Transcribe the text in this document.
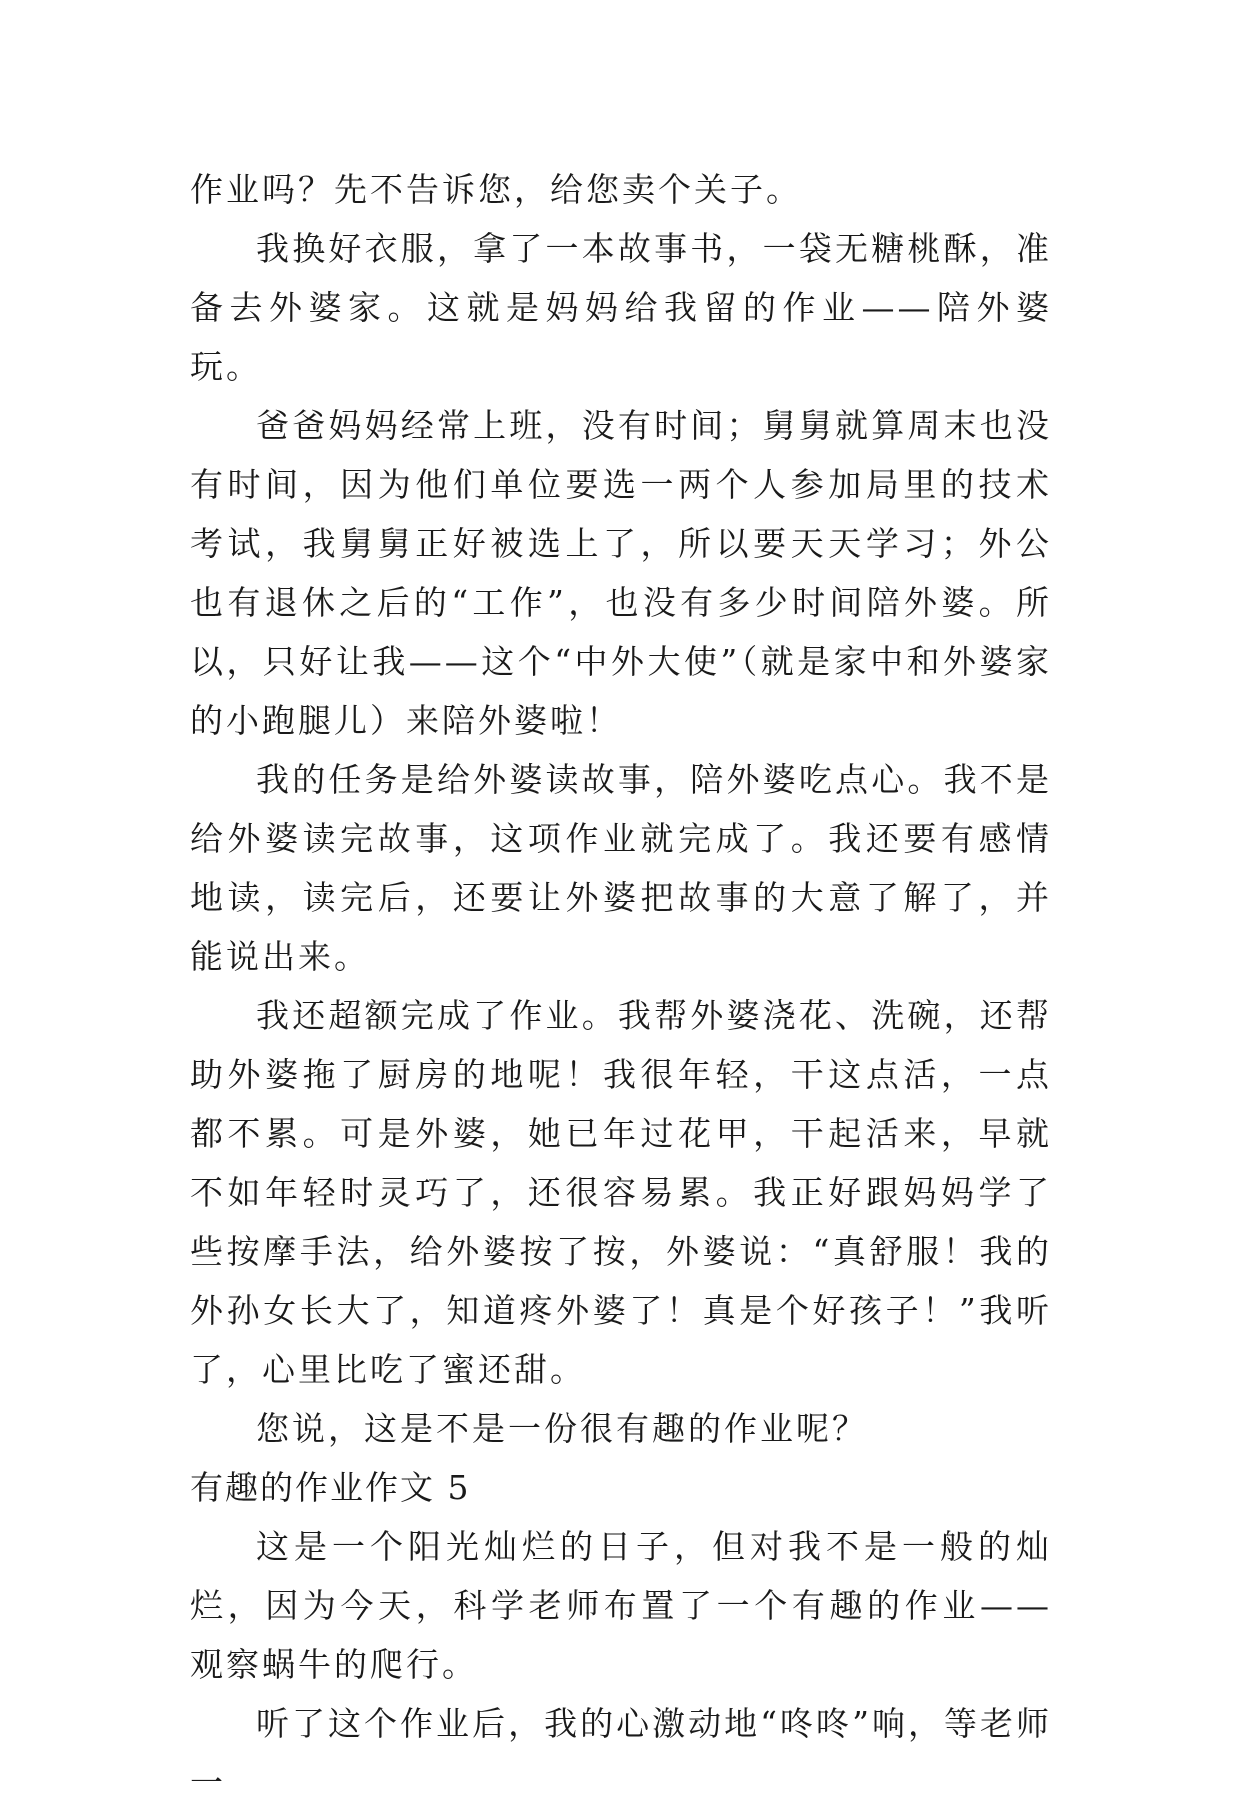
作业吗？先不告诉您，给您卖个关子。

我换好衣服，拿了一本故事书，一袋无糖桃酥，准备去外婆家。这就是妈妈给我留的作业——陪外婆玩。

爸爸妈妈经常上班，没有时间；舅舅就算周末也没有时间，因为他们单位要选一两个人参加局里的技术考试，我舅舅正好被选上了，所以要天天学习；外公也有退休之后的“工作”，也没有多少时间陪外婆。所以，只好让我——这个“中外大使”（就是家中和外婆家的小跑腿儿）来陪外婆啦！

我的任务是给外婆读故事，陪外婆吃点心。我不是给外婆读完故事，这项作业就完成了。我还要有感情地读，读完后，还要让外婆把故事的大意了解了，并能说出来。

我还超额完成了作业。我帮外婆浇花、洗碗，还帮助外婆拖了厨房的地呢！我很年轻，干这点活，一点都不累。可是外婆，她已年过花甲，干起活来，早就不如年轻时灵巧了，还很容易累。我正好跟妈妈学了些按摩手法，给外婆按了按，外婆说：“真舒服！我的外孙女长大了，知道疼外婆了！真是个好孩子！”我听了，心里比吃了蜜还甜。

您说，这是不是一份很有趣的作业呢？

有趣的作业作文 5

这是一个阳光灿烂的日子，但对我不是一般的灿烂，因为今天，科学老师布置了一个有趣的作业——观察蜗牛的爬行。

听了这个作业后，我的心激动地“咚咚”响，等老师一
